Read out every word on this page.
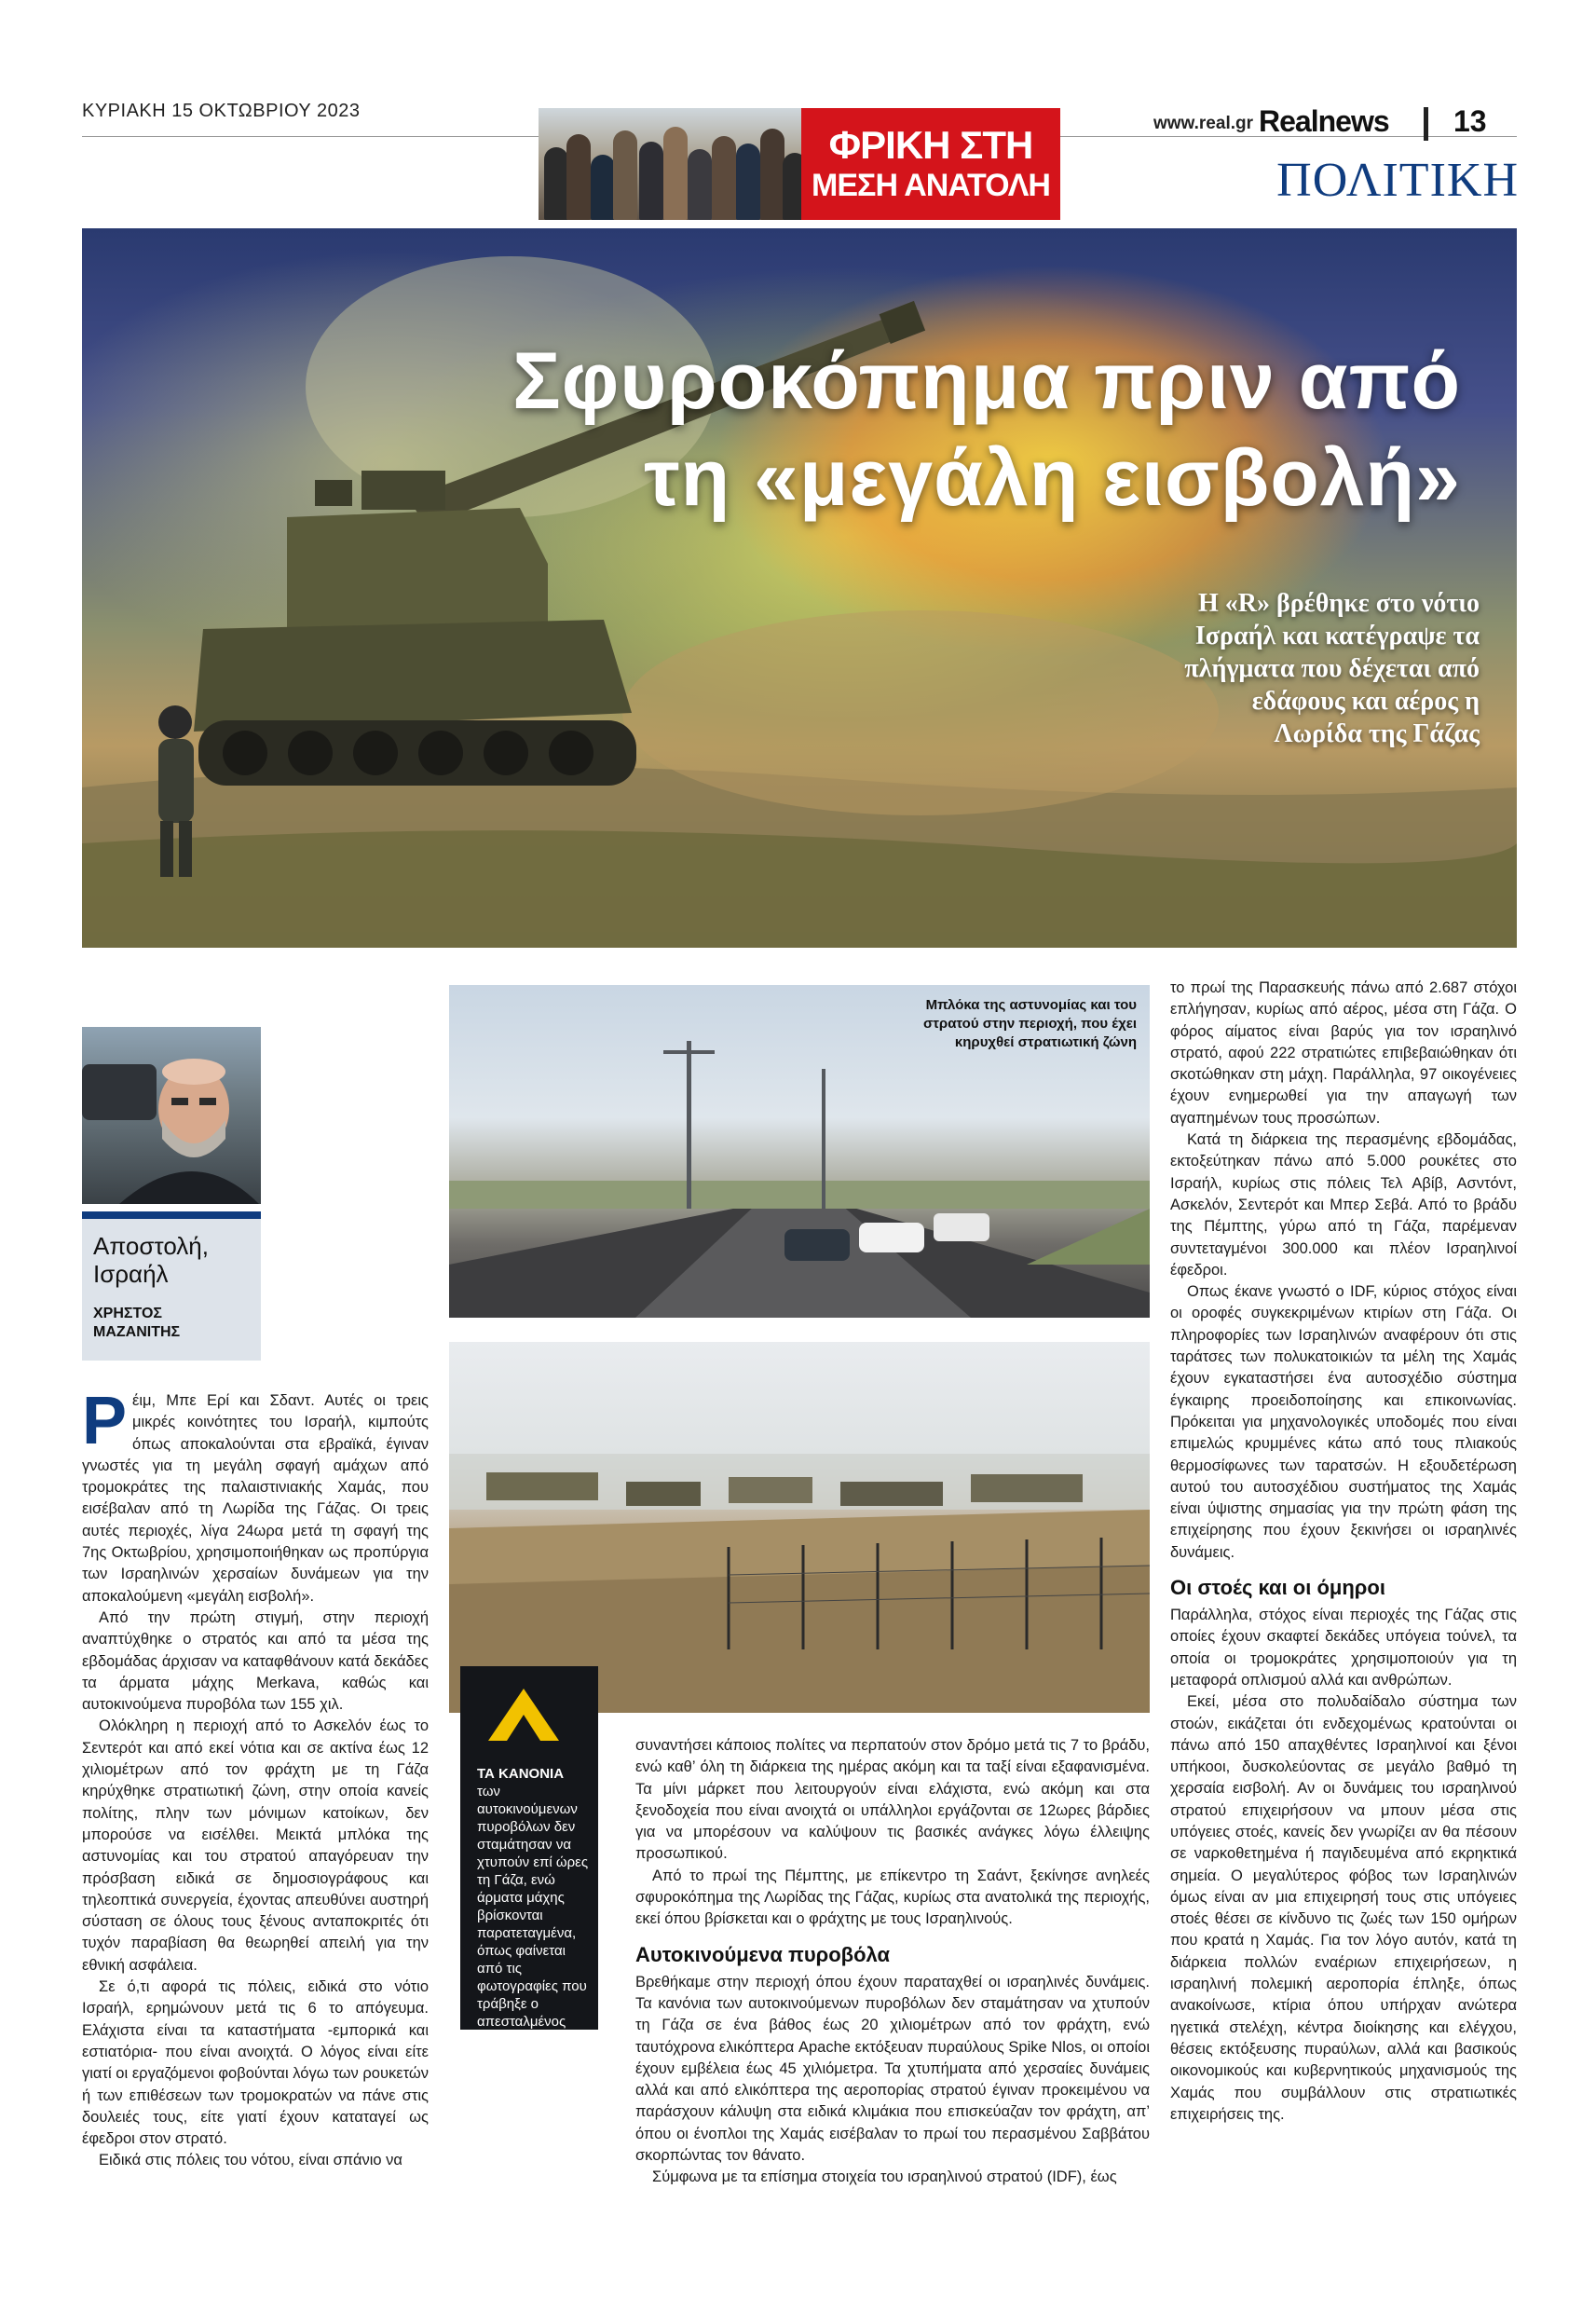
ΚΥΡΙΑΚΗ 15 ΟΚΤΩΒΡΙΟΥ 2023
ΦΡΙΚΗ ΣΤΗ
ΜΕΣΗ ΑΝΑΤΟΛΗ
www.real.gr Realnews 13
ΠΟΛΙΤΙΚΗ
Σφυροκόπημα πριν από
τη «μεγάλη εισβολή»
Η «R» βρέθηκε στο νότιο Ισραήλ και κατέγραψε τα πλήγματα που δέχεται από εδάφους και αέρος η Λωρίδα της Γάζας
Αποστολή, Ισραήλ
ΧΡΗΣΤΟΣ ΜΑΖΑΝΙΤΗΣ

Ρέιμ, Μπε Ερί και Σδαντ. Αυτές οι τρεις μικρές κοινότητες του Ισραήλ, κιμπούτς όπως αποκαλούνται στα εβραϊκά, έγιναν γνωστές για τη μεγάλη σφαγή αμάχων από τρομοκράτες της παλαιστινιακής Χαμάς, που εισέβαλαν από τη Λωρίδα της Γάζας. Οι τρεις αυτές περιοχές, λίγα 24ωρα μετά τη σφαγή της 7ης Οκτωβρίου, χρησιμοποιήθηκαν ως προπύργια των Ισραηλινών χερσαίων δυνάμεων για την αποκαλούμενη «μεγάλη εισβολή».

Από την πρώτη στιγμή, στην περιοχή αναπτύχθηκε ο στρατός και από τα μέσα της εβδομάδας άρχισαν να καταφθάνουν κατά δεκάδες τα άρματα μάχης Merkava, καθώς και αυτοκινούμενα πυροβόλα των 155 χιλ.

Ολόκληρη η περιοχή από το Ασκελόν έως το Σεντερότ και από εκεί νότια και σε ακτίνα έως 12 χιλιομέτρων από τον φράχτη με τη Γάζα κηρύχθηκε στρατιωτική ζώνη, στην οποία κανείς πολίτης, πλην των μόνιμων κατοίκων, δεν μπορούσε να εισέλθει. Μεικτά μπλόκα της αστυνομίας και του στρατού απαγόρευαν την πρόσβαση ειδικά σε δημοσιογράφους και τηλεοπτικά συνεργεία, έχοντας απευθύνει αυστηρή σύσταση σε όλους τους ξένους ανταποκριτές ότι τυχόν παραβίαση θα θεωρηθεί απειλή για την εθνική ασφάλεια.

Σε ό,τι αφορά τις πόλεις, ειδικά στο νότιο Ισραήλ, ερημώνουν μετά τις 6 το απόγευμα. Ελάχιστα είναι τα καταστήματα -εμπορικά και εστιατόρια- που είναι ανοιχτά. Ο λόγος είναι είτε γιατί οι εργαζόμενοι φοβούνται λόγω των ρουκετών ή των επιθέσεων των τρομοκρατών να πάνε στις δουλειές τους, είτε γιατί έχουν καταταγεί ως έφεδροι στον στρατό.

Ειδικά στις πόλεις του νότου, είναι σπάνιο να

Μπλόκα της αστυνομίας και του στρατού στην περιοχή, που έχει κηρυχθεί στρατιωτική ζώνη
ΤΑ ΚΑΝΟΝΙΑ των αυτοκινούμενων πυροβόλων δεν σταμάτησαν να χτυπούν επί ώρες τη Γάζα, ενώ άρματα μάχης βρίσκονται παρατεταγμένα, όπως φαίνεται από τις φωτογραφίες που τράβηξε ο απεσταλμένος της «R», Χρήστος Μαζανίτης

συναντήσει κάποιος πολίτες να περπατούν στον δρόμο μετά τις 7 το βράδυ, ενώ καθ’ όλη τη διάρκεια της ημέρας ακόμη και τα ταξί είναι εξαφανισμένα. Τα μίνι μάρκετ που λειτουργούν είναι ελάχιστα, ενώ ακόμη και στα ξενοδοχεία που είναι ανοιχτά οι υπάλληλοι εργάζονται σε 12ωρες βάρδιες για να μπορέσουν να καλύψουν τις βασικές ανάγκες λόγω έλλειψης προσωπικού.

Από το πρωί της Πέμπτης, με επίκεντρο τη Σαάντ, ξεκίνησε ανηλεές σφυροκόπημα της Λωρίδας της Γάζας, κυρίως στα ανατολικά της περιοχής, εκεί όπου βρίσκεται και ο φράχτης με τους Ισραηλινούς.

Αυτοκινούμενα πυροβόλα

Βρεθήκαμε στην περιοχή όπου έχουν παραταχθεί οι ισραηλινές δυνάμεις. Τα κανόνια των αυτοκινούμενων πυροβόλων δεν σταμάτησαν να χτυπούν τη Γάζα σε ένα βάθος έως 20 χιλιομέτρων από τον φράχτη, ενώ ταυτόχρονα ελικόπτερα Apache εκτόξευαν πυραύλους Spike Nlos, οι οποίοι έχουν εμβέλεια έως 45 χιλιόμετρα. Τα χτυπήματα από χερσαίες δυνάμεις αλλά και από ελικόπτερα της αεροπορίας στρατού έγιναν προκειμένου να παράσχουν κάλυψη στα ειδικά κλιμάκια που επισκεύαζαν τον φράχτη, απ’ όπου οι ένοπλοι της Χαμάς εισέβαλαν το πρωί του περασμένου Σαββάτου σκορπώντας τον θάνατο.

Σύμφωνα με τα επίσημα στοιχεία του ισραηλινού στρατού (IDF), έως

το πρωί της Παρασκευής πάνω από 2.687 στόχοι επλήγησαν, κυρίως από αέρος, μέσα στη Γάζα. Ο φόρος αίματος είναι βαρύς για τον ισραηλινό στρατό, αφού 222 στρατιώτες επιβεβαιώθηκαν ότι σκοτώθηκαν στη μάχη. Παράλληλα, 97 οικογένειες έχουν ενημερωθεί για την απαγωγή των αγαπημένων τους προσώπων.

Κατά τη διάρκεια της περασμένης εβδομάδας, εκτοξεύτηκαν πάνω από 5.000 ρουκέτες στο Ισραήλ, κυρίως στις πόλεις Τελ Αβίβ, Ασντόντ, Ασκελόν, Σεντερότ και Μπερ Σεβά. Από το βράδυ της Πέμπτης, γύρω από τη Γάζα, παρέμεναν συντεταγμένοι 300.000 και πλέον Ισραηλινοί έφεδροι.

Οπως έκανε γνωστό ο IDF, κύριος στόχος είναι οι οροφές συγκεκριμένων κτιρίων στη Γάζα. Οι πληροφορίες των Ισραηλινών αναφέρουν ότι στις ταράτσες των πολυκατοικιών τα μέλη της Χαμάς έχουν εγκαταστήσει ένα αυτοσχέδιο σύστημα έγκαιρης προειδοποίησης και επικοινωνίας. Πρόκειται για μηχανολογικές υποδομές που είναι επιμελώς κρυμμένες κάτω από τους πλιακούς θερμοσίφωνες των ταρατσών. Η εξουδετέρωση αυτού του αυτοσχέδιου συστήματος της Χαμάς είναι ύψιστης σημασίας για την πρώτη φάση της επιχείρησης που έχουν ξεκινήσει οι ισραηλινές δυνάμεις.

Οι στοές και οι όμηροι

Παράλληλα, στόχος είναι περιοχές της Γάζας στις οποίες έχουν σκαφτεί δεκάδες υπόγεια τούνελ, τα οποία οι τρομοκράτες χρησιμοποιούν για τη μεταφορά οπλισμού αλλά και ανθρώπων.

Εκεί, μέσα στο πολυδαίδαλο σύστημα των στοών, εικάζεται ότι ενδεχομένως κρατούνται οι πάνω από 150 απαχθέντες Ισραηλινοί και ξένοι υπήκοοι, δυσκολεύοντας σε μεγάλο βαθμό τη χερσαία εισβολή. Αν οι δυνάμεις του ισραηλινού στρατού επιχειρήσουν να μπουν μέσα στις υπόγειες στοές, κανείς δεν γνωρίζει αν θα πέσουν σε ναρκοθετημένα ή παγιδευμένα από εκρηκτικά σημεία. Ο μεγαλύτερος φόβος των Ισραηλινών όμως είναι αν μια επιχειρησή τους στις υπόγειες στοές θέσει σε κίνδυνο τις ζωές των 150 ομήρων που κρατά η Χαμάς. Για τον λόγο αυτόν, κατά τη διάρκεια πολλών εναέριων επιχειρήσεων, η ισραηλινή πολεμική αεροπορία έπληξε, όπως ανακοίνωσε, κτίρια όπου υπήρχαν ανώτερα ηγετικά στελέχη, κέντρα διοίκησης και ελέγχου, θέσεις εκτόξευσης πυραύλων, αλλά και βασικούς οικονομικούς και κυβερνητικούς μηχανισμούς της Χαμάς που συμβάλλουν στις στρατιωτικές επιχειρήσεις της.
